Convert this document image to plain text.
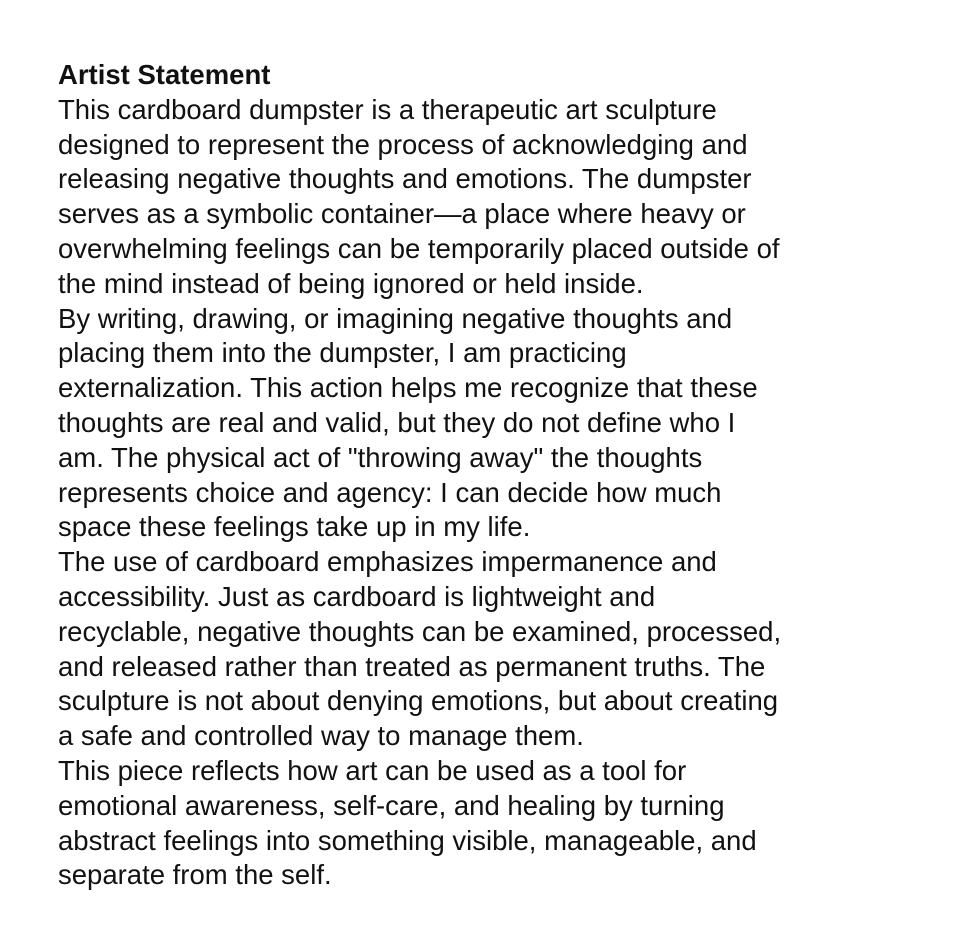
Artist Statement
This cardboard dumpster is a therapeutic art sculpture
designed to represent the process of acknowledging and
releasing negative thoughts and emotions. The dumpster
serves as a symbolic container—a place where heavy or
overwhelming feelings can be temporarily placed outside of
the mind instead of being ignored or held inside.
By writing, drawing, or imagining negative thoughts and
placing them into the dumpster, I am practicing
externalization. This action helps me recognize that these
thoughts are real and valid, but they do not define who I
am. The physical act of "throwing away" the thoughts
represents choice and agency: I can decide how much
space these feelings take up in my life.
The use of cardboard emphasizes impermanence and
accessibility. Just as cardboard is lightweight and
recyclable, negative thoughts can be examined, processed,
and released rather than treated as permanent truths. The
sculpture is not about denying emotions, but about creating
a safe and controlled way to manage them.
This piece reflects how art can be used as a tool for
emotional awareness, self-care, and healing by turning
abstract feelings into something visible, manageable, and
separate from the self.
